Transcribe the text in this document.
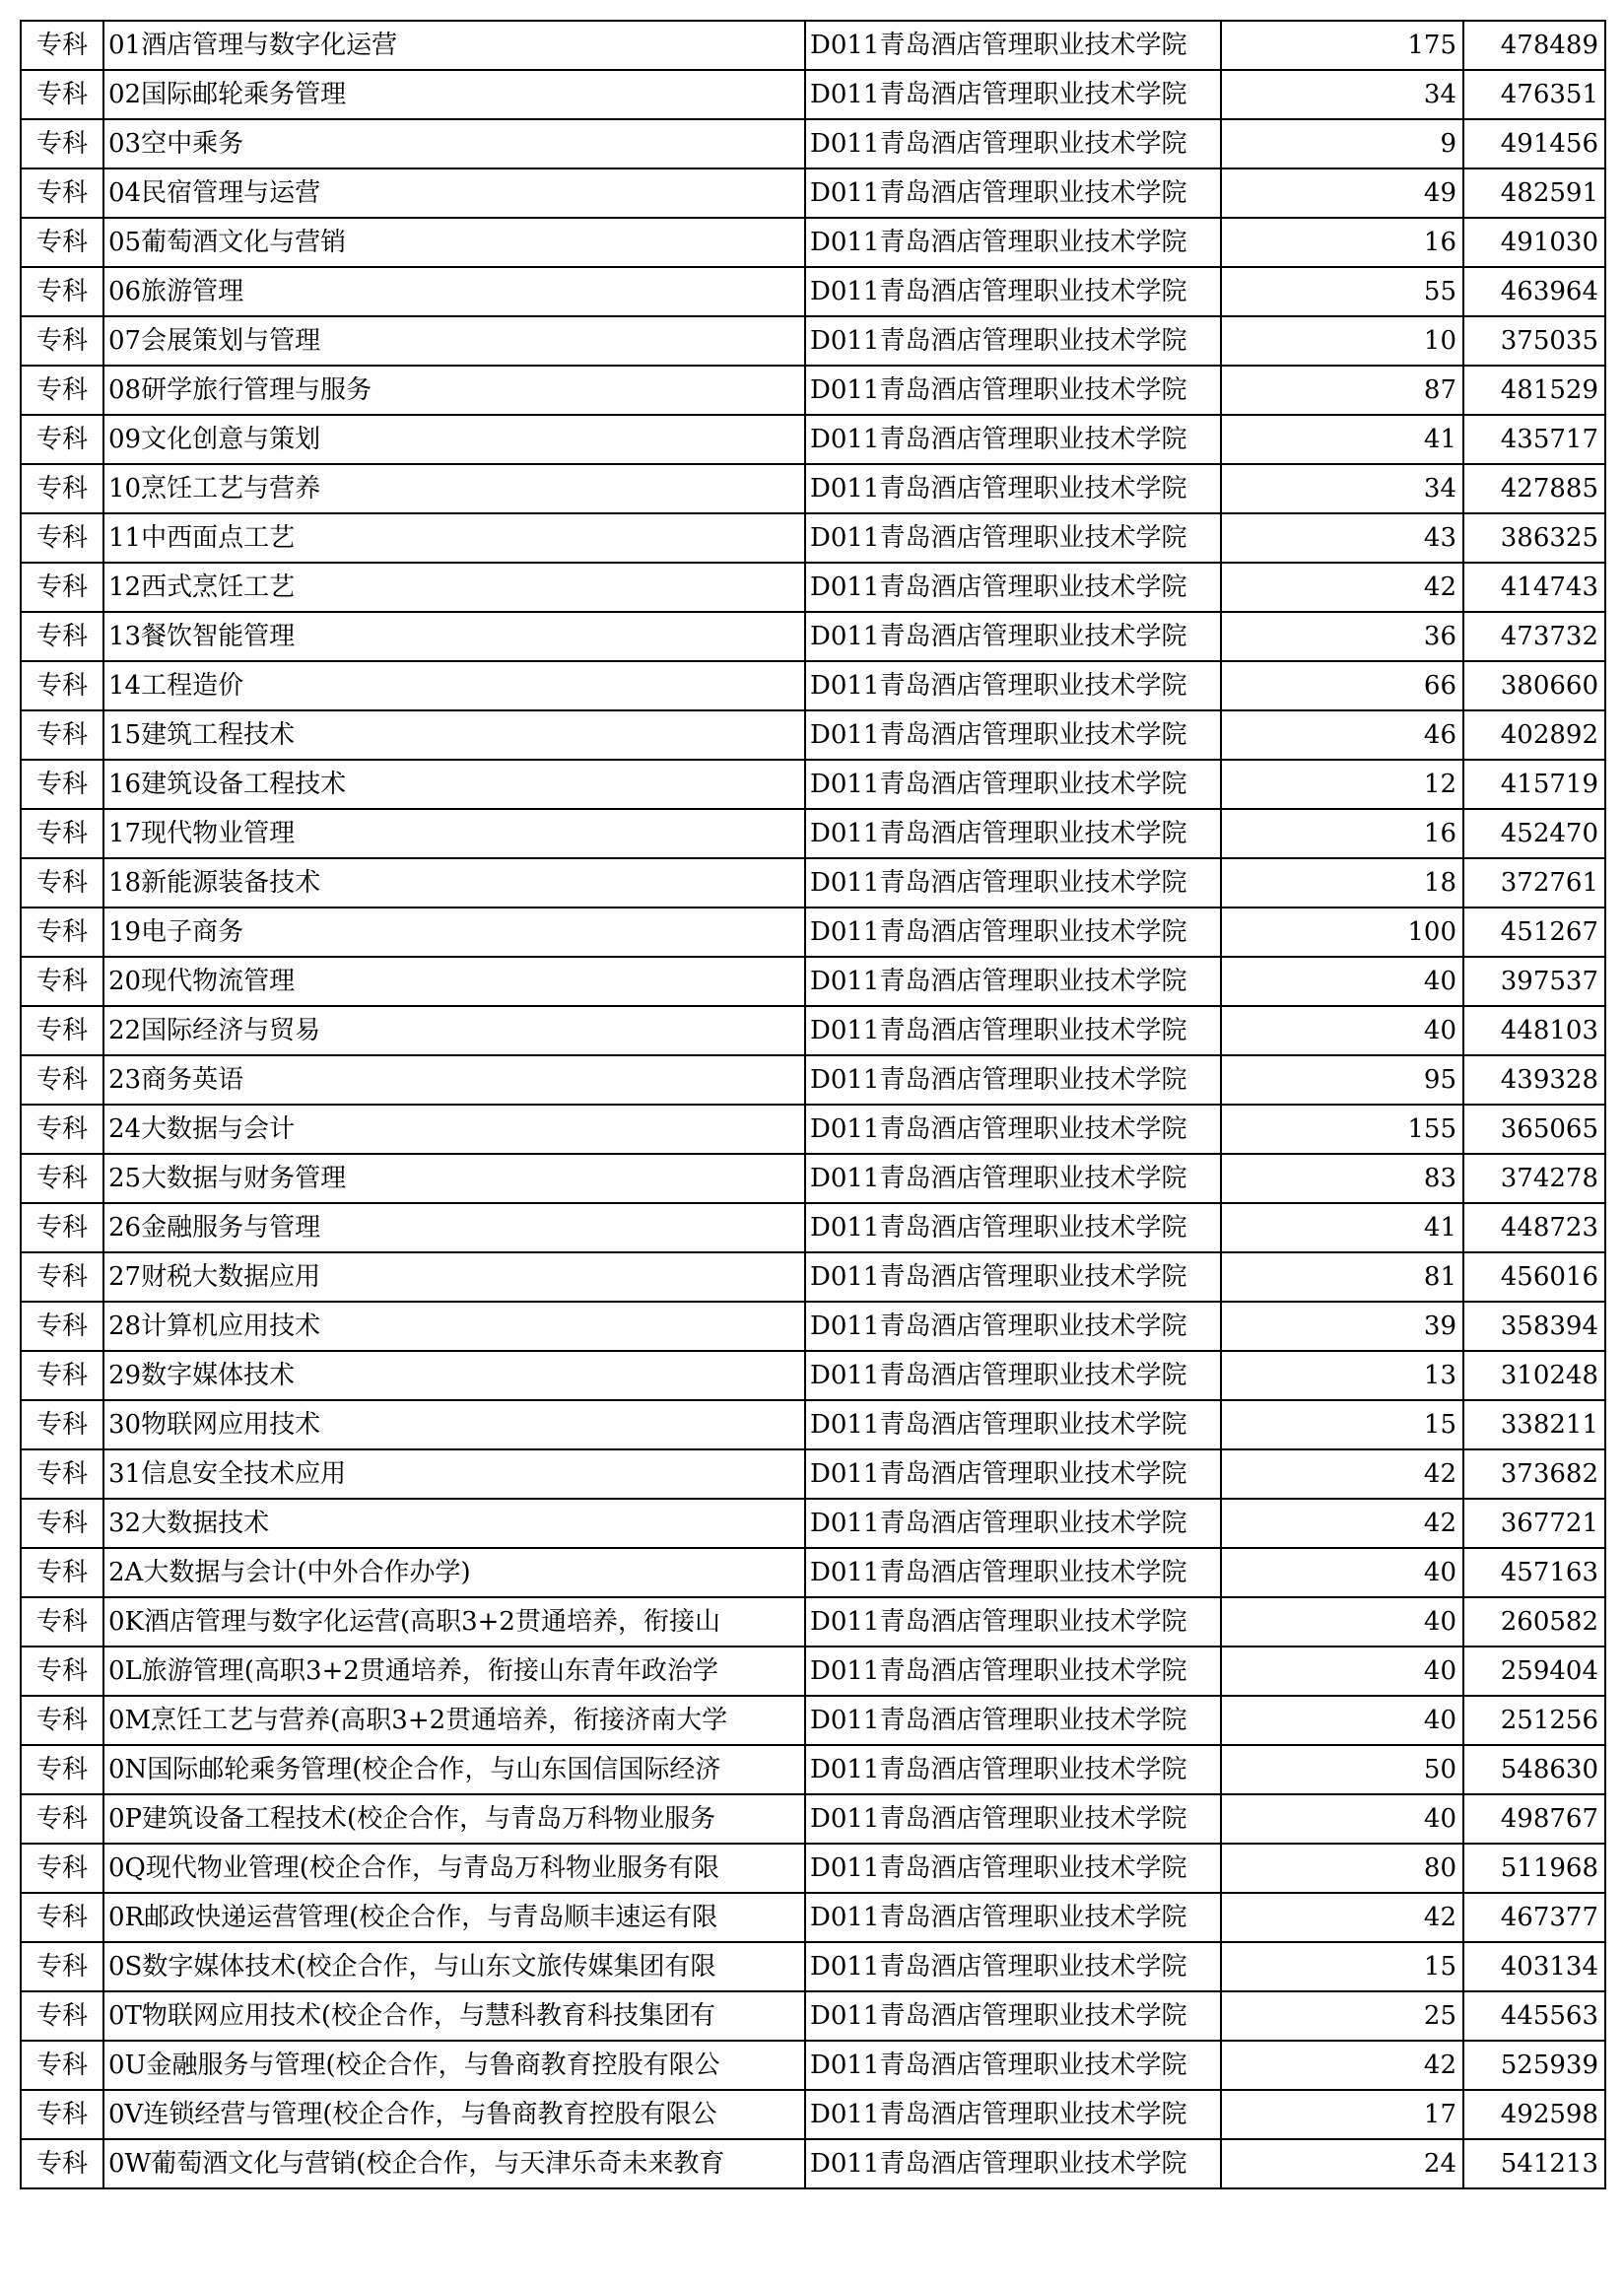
专科	01酒店管理与数字化运营	D011青岛酒店管理职业技术学院	175	478489
专科	02国际邮轮乘务管理	D011青岛酒店管理职业技术学院	34	476351
专科	03空中乘务	D011青岛酒店管理职业技术学院	9	491456
专科	04民宿管理与运营	D011青岛酒店管理职业技术学院	49	482591
专科	05葡萄酒文化与营销	D011青岛酒店管理职业技术学院	16	491030
专科	06旅游管理	D011青岛酒店管理职业技术学院	55	463964
专科	07会展策划与管理	D011青岛酒店管理职业技术学院	10	375035
专科	08研学旅行管理与服务	D011青岛酒店管理职业技术学院	87	481529
专科	09文化创意与策划	D011青岛酒店管理职业技术学院	41	435717
专科	10烹饪工艺与营养	D011青岛酒店管理职业技术学院	34	427885
专科	11中西面点工艺	D011青岛酒店管理职业技术学院	43	386325
专科	12西式烹饪工艺	D011青岛酒店管理职业技术学院	42	414743
专科	13餐饮智能管理	D011青岛酒店管理职业技术学院	36	473732
专科	14工程造价	D011青岛酒店管理职业技术学院	66	380660
专科	15建筑工程技术	D011青岛酒店管理职业技术学院	46	402892
专科	16建筑设备工程技术	D011青岛酒店管理职业技术学院	12	415719
专科	17现代物业管理	D011青岛酒店管理职业技术学院	16	452470
专科	18新能源装备技术	D011青岛酒店管理职业技术学院	18	372761
专科	19电子商务	D011青岛酒店管理职业技术学院	100	451267
专科	20现代物流管理	D011青岛酒店管理职业技术学院	40	397537
专科	22国际经济与贸易	D011青岛酒店管理职业技术学院	40	448103
专科	23商务英语	D011青岛酒店管理职业技术学院	95	439328
专科	24大数据与会计	D011青岛酒店管理职业技术学院	155	365065
专科	25大数据与财务管理	D011青岛酒店管理职业技术学院	83	374278
专科	26金融服务与管理	D011青岛酒店管理职业技术学院	41	448723
专科	27财税大数据应用	D011青岛酒店管理职业技术学院	81	456016
专科	28计算机应用技术	D011青岛酒店管理职业技术学院	39	358394
专科	29数字媒体技术	D011青岛酒店管理职业技术学院	13	310248
专科	30物联网应用技术	D011青岛酒店管理职业技术学院	15	338211
专科	31信息安全技术应用	D011青岛酒店管理职业技术学院	42	373682
专科	32大数据技术	D011青岛酒店管理职业技术学院	42	367721
专科	2A大数据与会计(中外合作办学)	D011青岛酒店管理职业技术学院	40	457163
专科	0K酒店管理与数字化运营(高职3+2贯通培养，衔接山	D011青岛酒店管理职业技术学院	40	260582
专科	0L旅游管理(高职3+2贯通培养，衔接山东青年政治学	D011青岛酒店管理职业技术学院	40	259404
专科	0M烹饪工艺与营养(高职3+2贯通培养，衔接济南大学	D011青岛酒店管理职业技术学院	40	251256
专科	0N国际邮轮乘务管理(校企合作，与山东国信国际经济	D011青岛酒店管理职业技术学院	50	548630
专科	0P建筑设备工程技术(校企合作，与青岛万科物业服务	D011青岛酒店管理职业技术学院	40	498767
专科	0Q现代物业管理(校企合作，与青岛万科物业服务有限	D011青岛酒店管理职业技术学院	80	511968
专科	0R邮政快递运营管理(校企合作，与青岛顺丰速运有限	D011青岛酒店管理职业技术学院	42	467377
专科	0S数字媒体技术(校企合作，与山东文旅传媒集团有限	D011青岛酒店管理职业技术学院	15	403134
专科	0T物联网应用技术(校企合作，与慧科教育科技集团有	D011青岛酒店管理职业技术学院	25	445563
专科	0U金融服务与管理(校企合作，与鲁商教育控股有限公	D011青岛酒店管理职业技术学院	42	525939
专科	0V连锁经营与管理(校企合作，与鲁商教育控股有限公	D011青岛酒店管理职业技术学院	17	492598
专科	0W葡萄酒文化与营销(校企合作，与天津乐奇未来教育	D011青岛酒店管理职业技术学院	24	541213
